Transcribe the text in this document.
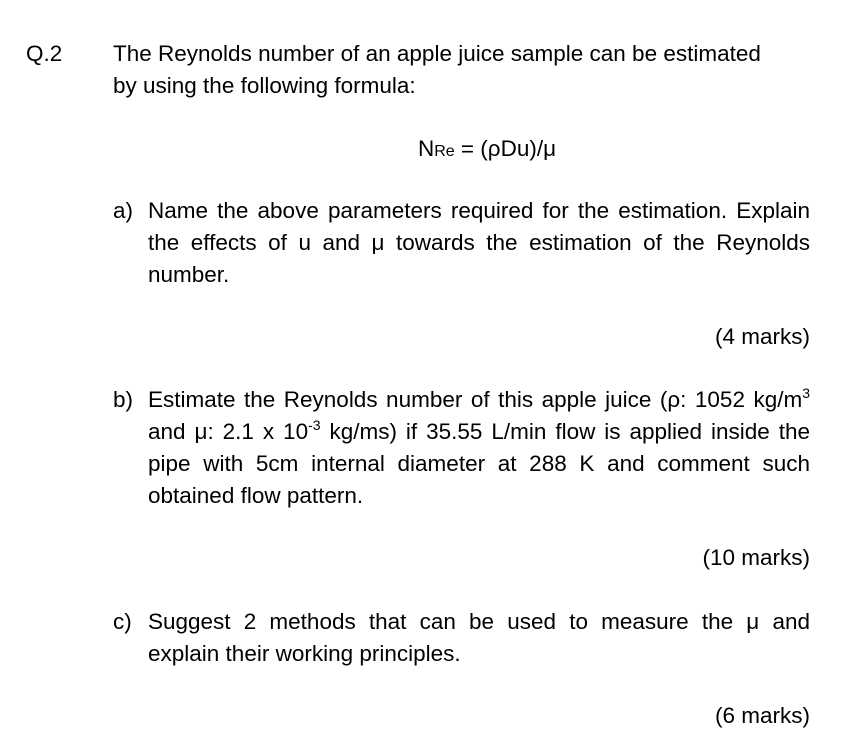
Q.2 The Reynolds number of an apple juice sample can be estimated
by using the following formula:
NRe = (ρDu)/μ
a) Name the above parameters required for the estimation. Explain the effects of u and μ towards the estimation of the Reynolds number.
(4 marks)
b) Estimate the Reynolds number of this apple juice (ρ: 1052 $kg/m^3$ and μ: 2.1 x $10^{-3}$ kg/ms) if 35.55 L/min flow is applied inside the pipe with 5cm internal diameter at 288 K and comment such obtained flow pattern.
(10 marks)
c) Suggest 2 methods that can be used to measure the μ and explain their working principles.
(6 marks)
